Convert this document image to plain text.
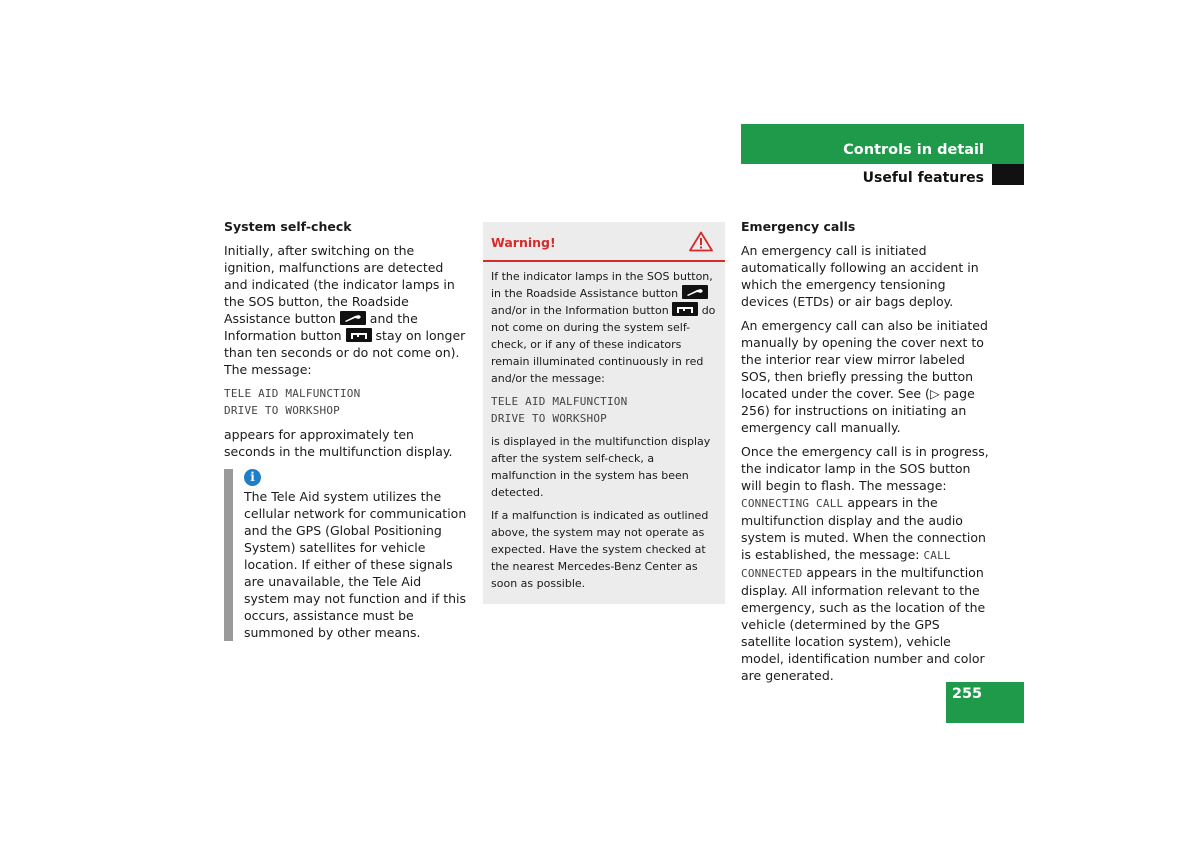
Controls in detail
Useful features
System self-check

Initially, after switching on the ignition, malfunctions are detected and indicated (the indicator lamps in the SOS button, the Roadside Assistance button	and the Information button	stay on longer than ten seconds or do not come on). The message:

TELE AID MALFUNCTION
DRIVE TO WORKSHOP

appears for approximately ten seconds in the multifunction display.

i
The Tele Aid system utilizes the cellular network for communication and the GPS (Global Positioning System) satellites for vehicle location. If either of these signals are unavailable, the Tele Aid system may not function and if this occurs, assistance must be summoned by other means.
Warning!

If the indicator lamps in the SOS button, in the Roadside Assistance button
and/or in the Information button	do not come on during the system self-check, or if any of these indicators remain illuminated continuously in red and/or the message:

TELE AID MALFUNCTION
DRIVE TO WORKSHOP

is displayed in the multifunction display after the system self-check, a malfunction in the system has been detected.

If a malfunction is indicated as outlined above, the system may not operate as expected. Have the system checked at the nearest Mercedes-Benz Center as soon as possible.

Emergency calls

An emergency call is initiated automatically following an accident in which the emergency tensioning devices (ETDs) or air bags deploy.

An emergency call can also be initiated manually by opening the cover next to the interior rear view mirror labeled SOS, then briefly pressing the button located under the cover. See (▷ page 256) for instructions on initiating an emergency call manually.

Once the emergency call is in progress, the indicator lamp in the SOS button will begin to flash. The message: CONNECTING CALL appears in the multifunction display and the audio system is muted. When the connection is established, the message: CALL CONNECTED appears in the multifunction display. All information relevant to the emergency, such as the location of the vehicle (determined by the GPS satellite location system), vehicle model, identification number and color are generated.

255
